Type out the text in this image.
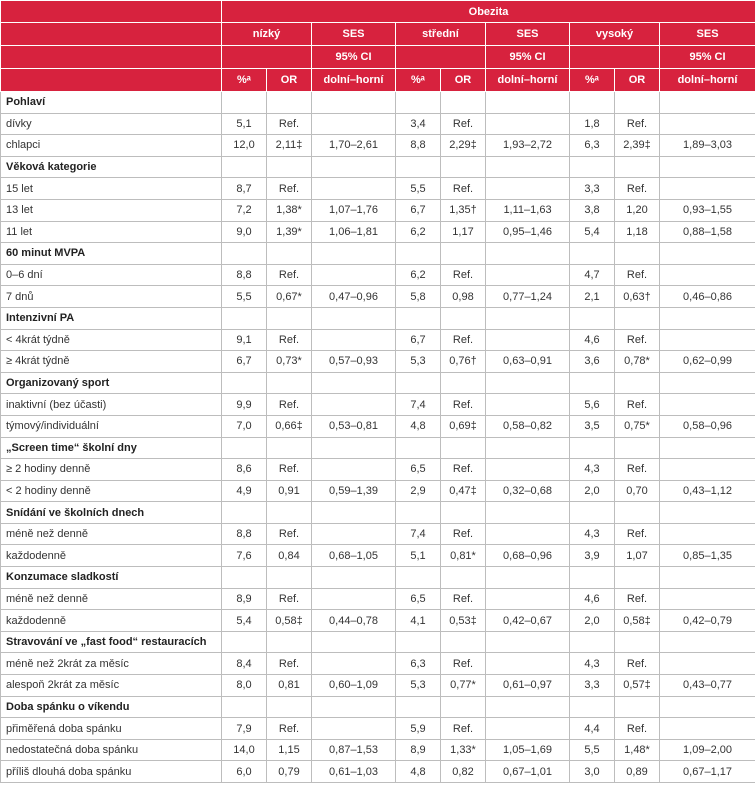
	Obezita								
	nízký		SES	střední		SES	vysoký		SES
			95% CI			95% CI			95% CI
	%ᵃ	OR	dolní–horní	%ᵃ	OR	dolní–horní	%ᵃ	OR	dolní–horní
Pohlaví									
dívky	5,1	Ref.		3,4	Ref.		1,8	Ref.	
chlapci	12,0	2,11‡	1,70–2,61	8,8	2,29‡	1,93–2,72	6,3	2,39‡	1,89–3,03
Věková kategorie									
15 let	8,7	Ref.		5,5	Ref.		3,3	Ref.	
13 let	7,2	1,38*	1,07–1,76	6,7	1,35†	1,11–1,63	3,8	1,20	0,93–1,55
11 let	9,0	1,39*	1,06–1,81	6,2	1,17	0,95–1,46	5,4	1,18	0,88–1,58
60 minut MVPA									
0–6 dní	8,8	Ref.		6,2	Ref.		4,7	Ref.	
7 dnů	5,5	0,67*	0,47–0,96	5,8	0,98	0,77–1,24	2,1	0,63†	0,46–0,86
Intenzivní PA									
< 4krát týdně	9,1	Ref.		6,7	Ref.		4,6	Ref.	
≥ 4krát týdně	6,7	0,73*	0,57–0,93	5,3	0,76†	0,63–0,91	3,6	0,78*	0,62–0,99
Organizovaný sport									
inaktivní (bez účasti)	9,9	Ref.		7,4	Ref.		5,6	Ref.	
týmový/individuální	7,0	0,66‡	0,53–0,81	4,8	0,69‡	0,58–0,82	3,5	0,75*	0,58–0,96
„Screen time“ školní dny									
≥ 2 hodiny denně	8,6	Ref.		6,5	Ref.		4,3	Ref.	
< 2 hodiny denně	4,9	0,91	0,59–1,39	2,9	0,47‡	0,32–0,68	2,0	0,70	0,43–1,12
Snídání ve školních dnech									
méně než denně	8,8	Ref.		7,4	Ref.		4,3	Ref.	
každodenně	7,6	0,84	0,68–1,05	5,1	0,81*	0,68–0,96	3,9	1,07	0,85–1,35
Konzumace sladkostí									
méně než denně	8,9	Ref.		6,5	Ref.		4,6	Ref.	
každodenně	5,4	0,58‡	0,44–0,78	4,1	0,53‡	0,42–0,67	2,0	0,58‡	0,42–0,79
Stravování ve „fast food“ restauracích									
méně než 2krát za měsíc	8,4	Ref.		6,3	Ref.		4,3	Ref.	
alespoň 2krát za měsíc	8,0	0,81	0,60–1,09	5,3	0,77*	0,61–0,97	3,3	0,57‡	0,43–0,77
Doba spánku o víkendu									
přiměřená doba spánku	7,9	Ref.		5,9	Ref.		4,4	Ref.	
nedostatečná doba spánku	14,0	1,15	0,87–1,53	8,9	1,33*	1,05–1,69	5,5	1,48*	1,09–2,00
příliš dlouhá doba spánku	6,0	0,79	0,61–1,03	4,8	0,82	0,67–1,01	3,0	0,89	0,67–1,17
